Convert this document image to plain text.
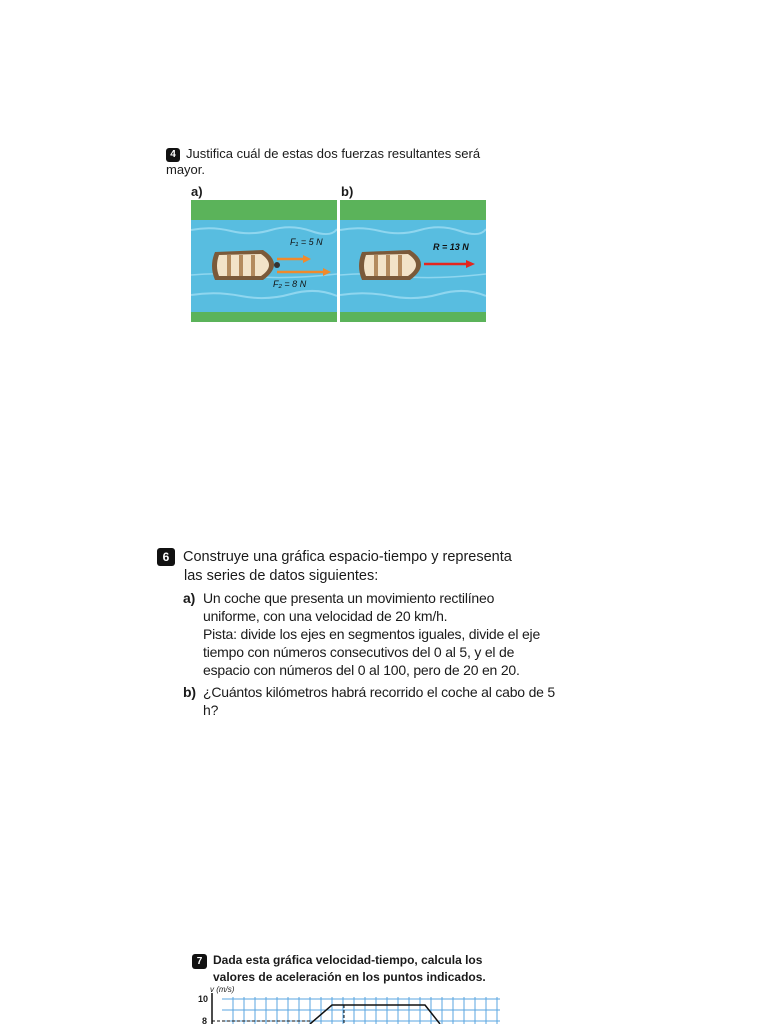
4 Justifica cuál de estas dos fuerzas resultantes será
mayor.
a)	b)
F₁ = 5 N
F₂ = 8 N
R = 13 N
6 Construye una gráfica espacio-tiempo y representa
las series de datos siguientes:
a) Un coche que presenta un movimiento rectilíneo
uniforme, con una velocidad de 20 km/h.
Pista: divide los ejes en segmentos iguales, divide el eje
tiempo con números consecutivos del 0 al 5, y el de
espacio con números del 0 al 100, pero de 20 en 20.
b) ¿Cuántos kilómetros habrá recorrido el coche al cabo de 5 h?
7 Dada esta gráfica velocidad-tiempo, calcula los
valores de aceleración en los puntos indicados.
v (m/s)
10
8
